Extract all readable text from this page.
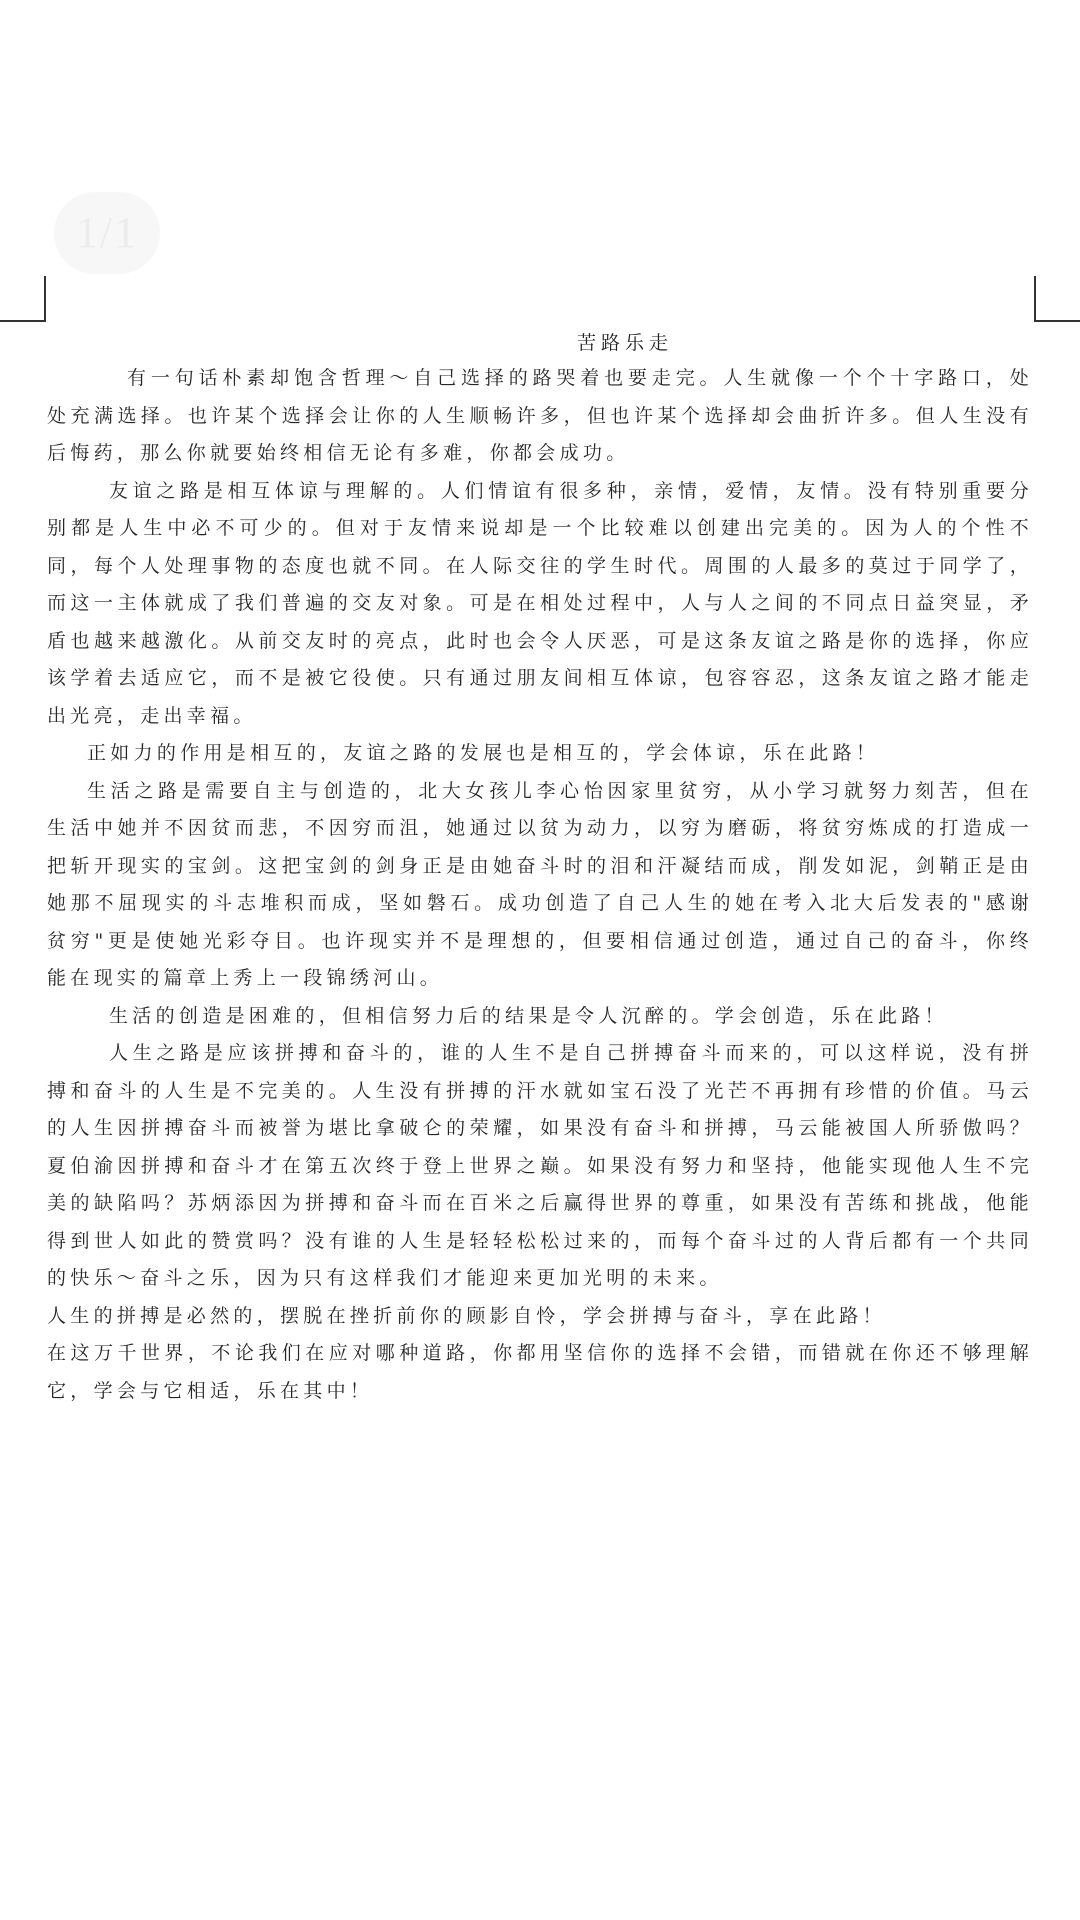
1/1
苦路乐走

有一句话朴素却饱含哲理～自己选择的路哭着也要走完。人生就像一个个十字路口，处处充满选择。也许某个选择会让你的人生顺畅许多，但也许某个选择却会曲折许多。但人生没有后悔药，那么你就要始终相信无论有多难，你都会成功。

友谊之路是相互体谅与理解的。人们情谊有很多种，亲情，爱情，友情。没有特别重要分别都是人生中必不可少的。但对于友情来说却是一个比较难以创建出完美的。因为人的个性不同，每个人处理事物的态度也就不同。在人际交往的学生时代。周围的人最多的莫过于同学了，而这一主体就成了我们普遍的交友对象。可是在相处过程中，人与人之间的不同点日益突显，矛盾也越来越激化。从前交友时的亮点，此时也会令人厌恶，可是这条友谊之路是你的选择，你应该学着去适应它，而不是被它役使。只有通过朋友间相互体谅，包容容忍，这条友谊之路才能走出光亮，走出幸福。

正如力的作用是相互的，友谊之路的发展也是相互的，学会体谅，乐在此路！

生活之路是需要自主与创造的，北大女孩儿李心怡因家里贫穷，从小学习就努力刻苦，但在生活中她并不因贫而悲，不因穷而沮，她通过以贫为动力，以穷为磨砺，将贫穷炼成的打造成一把斩开现实的宝剑。这把宝剑的剑身正是由她奋斗时的泪和汗凝结而成，削发如泥，剑鞘正是由她那不屈现实的斗志堆积而成，坚如磐石。成功创造了自己人生的她在考入北大后发表的"感谢贫穷"更是使她光彩夺目。也许现实并不是理想的，但要相信通过创造，通过自己的奋斗，你终能在现实的篇章上秀上一段锦绣河山。

生活的创造是困难的，但相信努力后的结果是令人沉醉的。学会创造，乐在此路！

人生之路是应该拼搏和奋斗的，谁的人生不是自己拼搏奋斗而来的，可以这样说，没有拼搏和奋斗的人生是不完美的。人生没有拼搏的汗水就如宝石没了光芒不再拥有珍惜的价值。马云的人生因拼搏奋斗而被誉为堪比拿破仑的荣耀，如果没有奋斗和拼搏，马云能被国人所骄傲吗？夏伯渝因拼搏和奋斗才在第五次终于登上世界之巅。如果没有努力和坚持，他能实现他人生不完美的缺陷吗？苏炳添因为拼搏和奋斗而在百米之后赢得世界的尊重，如果没有苦练和挑战，他能得到世人如此的赞赏吗？没有谁的人生是轻轻松松过来的，而每个奋斗过的人背后都有一个共同的快乐～奋斗之乐，因为只有这样我们才能迎来更加光明的未来。

人生的拼搏是必然的，摆脱在挫折前你的顾影自怜，学会拼搏与奋斗，享在此路！

在这万千世界，不论我们在应对哪种道路，你都用坚信你的选择不会错，而错就在你还不够理解它，学会与它相适，乐在其中！
